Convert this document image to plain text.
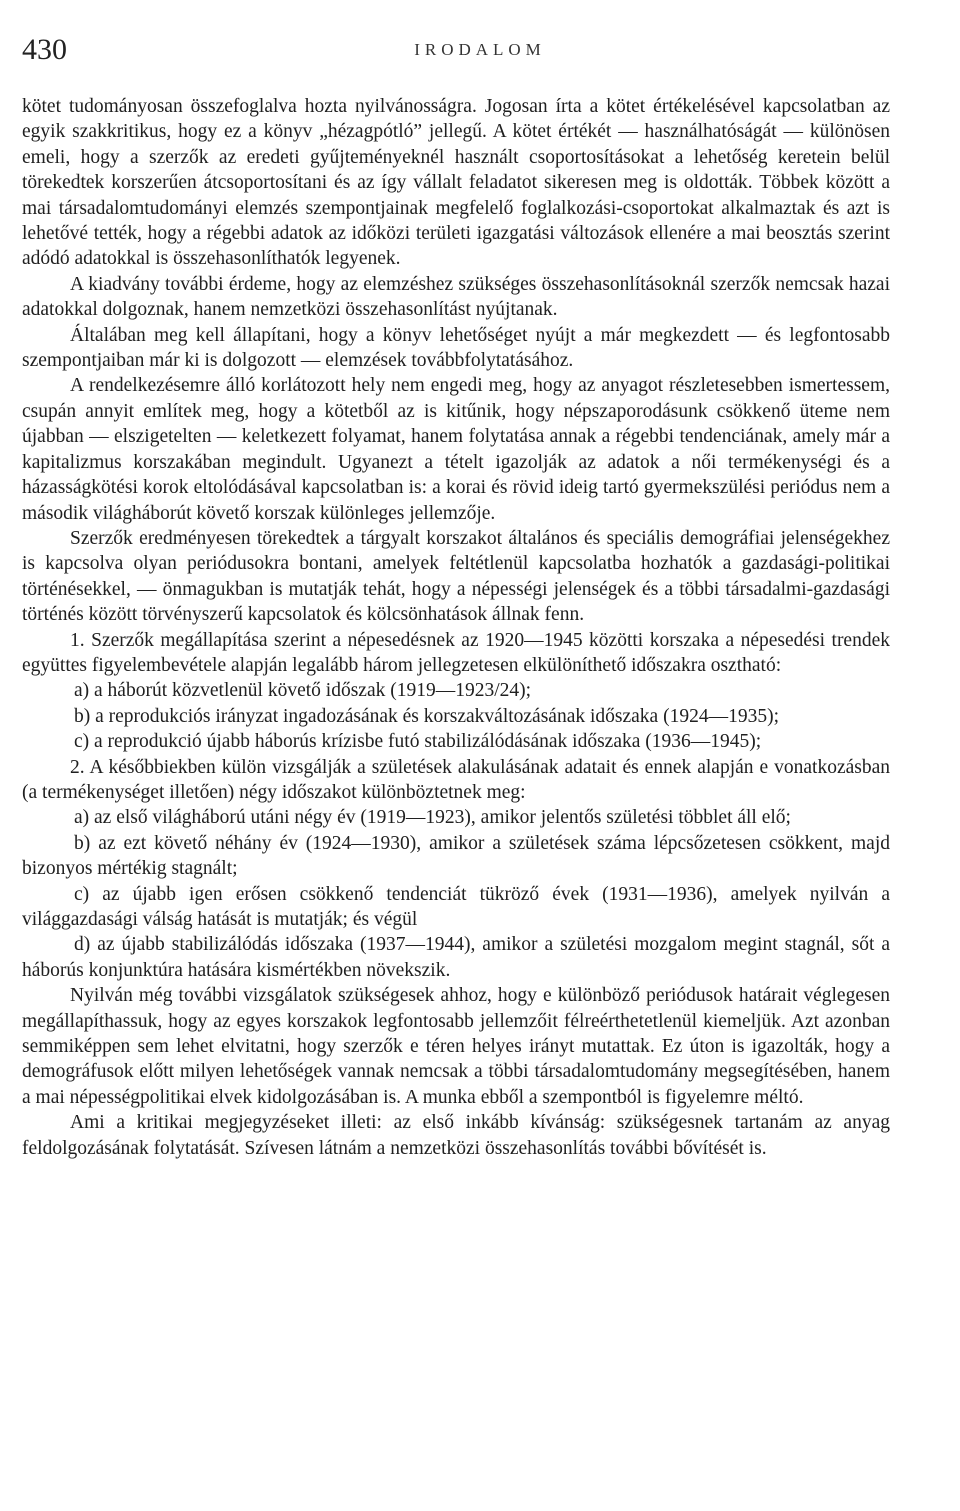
430	IRODALOM

kötet tudományosan összefoglalva hozta nyilvánosságra. Jogosan írta a kötet értékelésével kapcsolatban az egyik szakkritikus, hogy ez a könyv „hézagpótló” jellegű. A kötet értékét — használhatóságát — különösen emeli, hogy a szerzők az eredeti gyűjteményeknél használt csoportosításokat a lehetőség keretein belül törekedtek korszerűen átcsoportosítani és az így vállalt feladatot sikeresen meg is oldották. Többek között a mai társadalomtudományi elemzés szempontjainak megfelelő foglalkozási-csoportokat alkalmaztak és azt is lehetővé tették, hogy a régebbi adatok az időközi területi igazgatási változások ellenére a mai beosztás szerint adódó adatokkal is összehasonlíthatók legyenek.

A kiadvány további érdeme, hogy az elemzéshez szükséges összehasonlításoknál szerzők nemcsak hazai adatokkal dolgoznak, hanem nemzetközi összehasonlítást nyújtanak.

Általában meg kell állapítani, hogy a könyv lehetőséget nyújt a már megkezdett — és legfontosabb szempontjaiban már ki is dolgozott — elemzések továbbfolytatásához.

A rendelkezésemre álló korlátozott hely nem engedi meg, hogy az anyagot részletesebben ismertessem, csupán annyit említek meg, hogy a kötetből az is kitűnik, hogy népszaporodásunk csökkenő üteme nem újabban — elszigetelten — keletkezett folyamat, hanem folytatása annak a régebbi tendenciának, amely már a kapitalizmus korszakában megindult. Ugyanezt a tételt igazolják az adatok a női termékenységi és a házasságkötési korok eltolódásával kapcsolatban is: a korai és rövid ideig tartó gyermekszülési periódus nem a második világháborút követő korszak különleges jellemzője.

Szerzők eredményesen törekedtek a tárgyalt korszakot általános és speciális demográfiai jelenségekhez is kapcsolva olyan periódusokra bontani, amelyek feltétlenül kapcsolatba hozhatók a gazdasági-politikai történésekkel, — önmagukban is mutatják tehát, hogy a népességi jelenségek és a többi társadalmi-gazdasági történés között törvényszerű kapcsolatok és kölcsönhatások állnak fenn.

1. Szerzők megállapítása szerint a népesedésnek az 1920—1945 közötti korszaka a népesedési trendek együttes figyelembevétele alapján legalább három jellegzetesen elkülöníthető időszakra osztható:

a) a háborút közvetlenül követő időszak (1919—1923/24);

b) a reprodukciós irányzat ingadozásának és korszakváltozásának időszaka (1924—1935);

c) a reprodukció újabb háborús krízisbe futó stabilizálódásának időszaka (1936—1945);

2. A későbbiekben külön vizsgálják a születések alakulásának adatait és ennek alapján e vonatkozásban (a termékenységet illetően) négy időszakot különböztetnek meg:

a) az első világháború utáni négy év (1919—1923), amikor jelentős születési többlet áll elő;

b) az ezt követő néhány év (1924—1930), amikor a születések száma lépcsőzetesen csökkent, majd bizonyos mértékig stagnált;

c) az újabb igen erősen csökkenő tendenciát tükröző évek (1931—1936), amelyek nyilván a világgazdasági válság hatását is mutatják; és végül

d) az újabb stabilizálódás időszaka (1937—1944), amikor a születési mozgalom megint stagnál, sőt a háborús konjunktúra hatására kismértékben növekszik.

Nyilván még további vizsgálatok szükségesek ahhoz, hogy e különböző periódusok határait véglegesen megállapíthassuk, hogy az egyes korszakok legfontosabb jellemzőit félreérthetetlenül kiemeljük. Azt azonban semmiképpen sem lehet elvitatni, hogy szerzők e téren helyes irányt mutattak. Ez úton is igazolták, hogy a demográfusok előtt milyen lehetőségek vannak nemcsak a többi társadalomtudomány megsegítésében, hanem a mai népességpolitikai elvek kidolgozásában is. A munka ebből a szempontból is figyelemre méltó.

Ami a kritikai megjegyzéseket illeti: az első inkább kívánság: szükségesnek tartanám az anyag feldolgozásának folytatását. Szívesen látnám a nemzetközi összehasonlítás további bővítését is.
